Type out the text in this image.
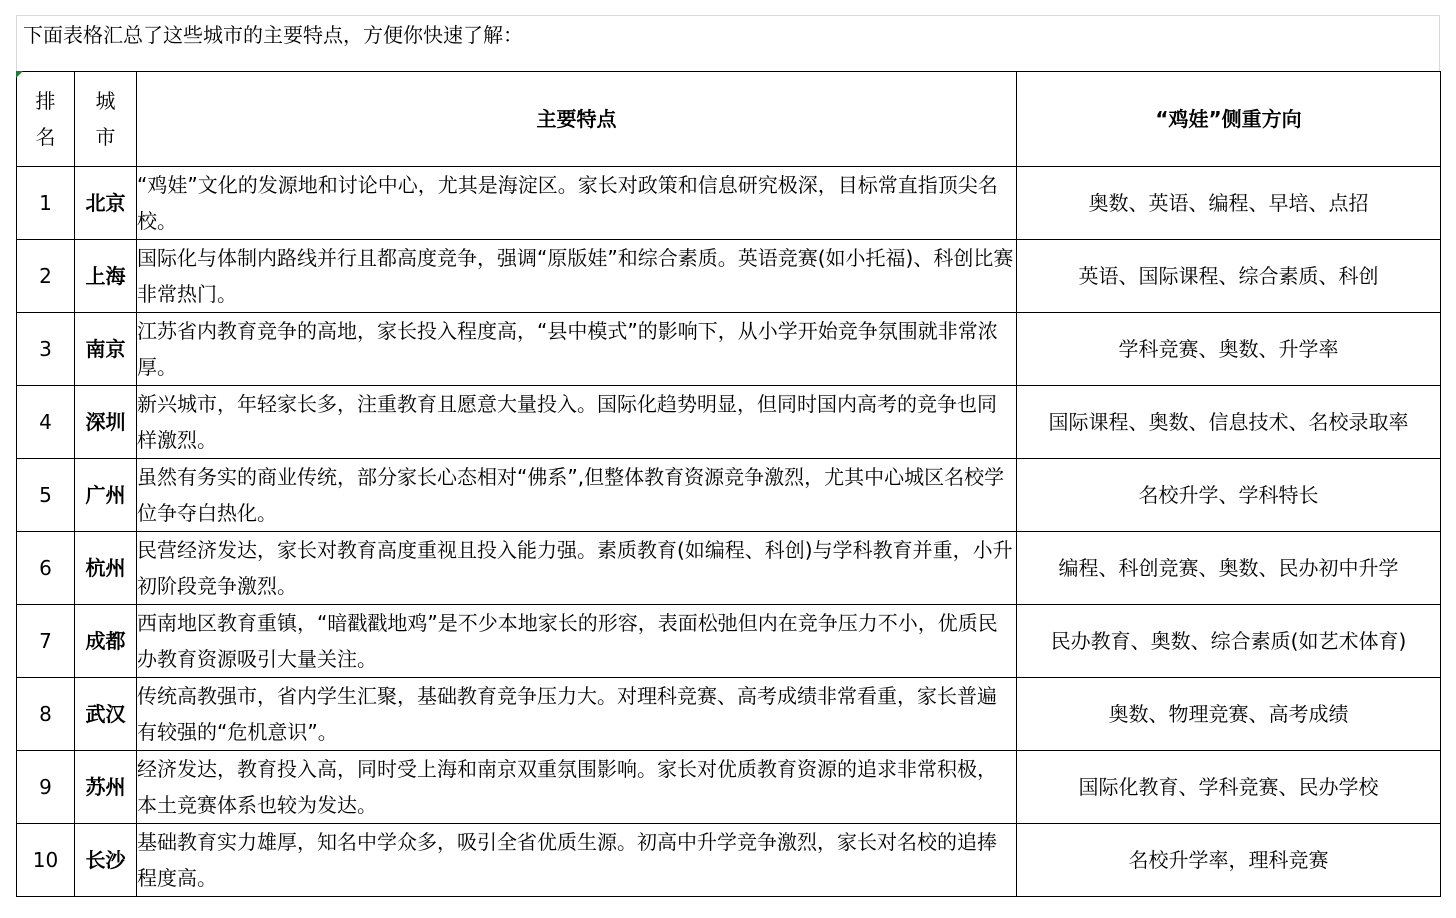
下面表格汇总了这些城市的主要特点，方便你快速了解：
排名	城市	主要特点	“鸡娃”侧重方向
1	北京	“鸡娃”文化的发源地和讨论中心，尤其是海淀区。家长对政策和信息研究极深，目标常直指顶尖名校。	奥数、英语、编程、早培、点招
2	上海	国际化与体制内路线并行且都高度竞争，强调“原版娃”和综合素质。英语竞赛(如小托福)、科创比赛非常热门。	英语、国际课程、综合素质、科创
3	南京	江苏省内教育竞争的高地，家长投入程度高，“县中模式”的影响下，从小学开始竞争氛围就非常浓厚。	学科竞赛、奥数、升学率
4	深圳	新兴城市，年轻家长多，注重教育且愿意大量投入。国际化趋势明显，但同时国内高考的竞争也同样激烈。	国际课程、奥数、信息技术、名校录取率
5	广州	虽然有务实的商业传统，部分家长心态相对“佛系”,但整体教育资源竞争激烈，尤其中心城区名校学位争夺白热化。	名校升学、学科特长
6	杭州	民营经济发达，家长对教育高度重视且投入能力强。素质教育(如编程、科创)与学科教育并重，小升初阶段竞争激烈。	编程、科创竞赛、奥数、民办初中升学
7	成都	西南地区教育重镇，“暗戳戳地鸡”是不少本地家长的形容，表面松弛但内在竞争压力不小，优质民办教育资源吸引大量关注。	民办教育、奥数、综合素质(如艺术体育)
8	武汉	传统高教强市，省内学生汇聚，基础教育竞争压力大。对理科竞赛、高考成绩非常看重，家长普遍有较强的“危机意识”。	奥数、物理竞赛、高考成绩
9	苏州	经济发达，教育投入高，同时受上海和南京双重氛围影响。家长对优质教育资源的追求非常积极，本土竞赛体系也较为发达。	国际化教育、学科竞赛、民办学校
10	长沙	基础教育实力雄厚，知名中学众多，吸引全省优质生源。初高中升学竞争激烈，家长对名校的追捧程度高。	名校升学率，理科竞赛
